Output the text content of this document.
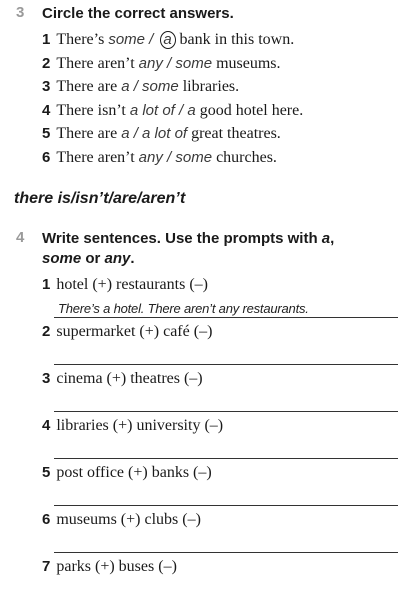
3 Circle the correct answers.
1 There’s some / a bank in this town.
2 There aren’t any / some museums.
3 There are a / some libraries.
4 There isn’t a lot of / a good hotel here.
5 There are a / a lot of great theatres.
6 There aren’t any / some churches.
there is/isn’t/are/aren’t
4 Write sentences. Use the prompts with a, some or any.
1 hotel (+) restaurants (–)
There’s a hotel. There aren’t any restaurants.
2 supermarket (+) café (–)
3 cinema (+) theatres (–)
4 libraries (+) university (–)
5 post office (+) banks (–)
6 museums (+) clubs (–)
7 parks (+) buses (–)
